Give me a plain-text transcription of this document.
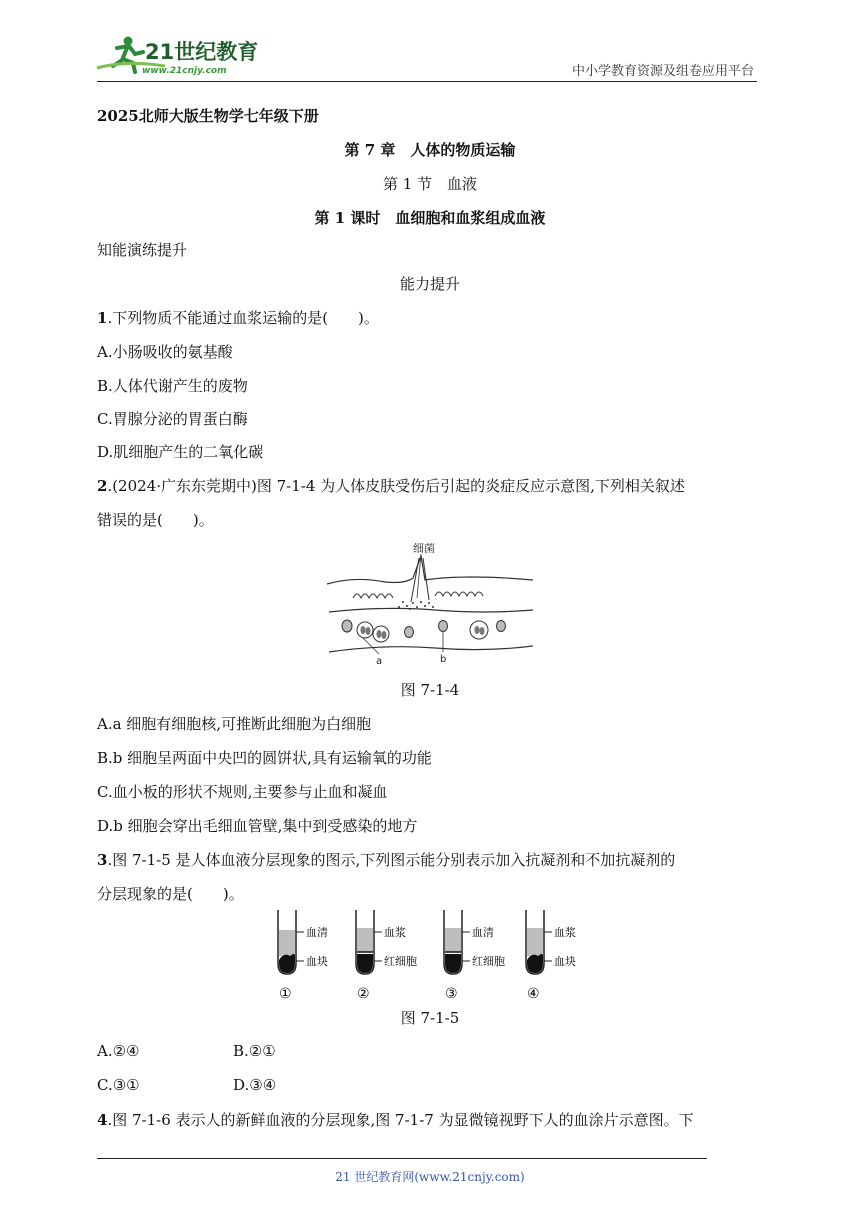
21世纪教育
www.21cnjy.com	中小学教育资源及组卷应用平台
2025北师大版生物学七年级下册
第 7 章　人体的物质运输
第 1 节　血液
第 1 课时　血细胞和血浆组成血液
知能演练提升
能力提升
1.下列物质不能通过血浆运输的是(　　)。
A.小肠吸收的氨基酸
B.人体代谢产生的废物
C.胃腺分泌的胃蛋白酶
D.肌细胞产生的二氧化碳
2.(2024·广东东莞期中)图 7-1-4 为人体皮肤受伤后引起的炎症反应示意图,下列相关叙述
错误的是(　　)。
细菌
a	b
图 7-1-4
A.a 细胞有细胞核,可推断此细胞为白细胞
B.b 细胞呈两面中央凹的圆饼状,具有运输氧的功能
C.血小板的形状不规则,主要参与止血和凝血
D.b 细胞会穿出毛细血管壁,集中到受感染的地方
3.图 7-1-5 是人体血液分层现象的图示,下列图示能分别表示加入抗凝剂和不加抗凝剂的
分层现象的是(　　)。
血清
血块
①
血浆
红细胞
②
血清
红细胞
③
血浆
血块
④
图 7-1-5
A.②④	B.②①
C.③①	D.③④
4.图 7-1-6 表示人的新鲜血液的分层现象,图 7-1-7 为显微镜视野下人的血涂片示意图。下
21 世纪教育网(www.21cnjy.com)
